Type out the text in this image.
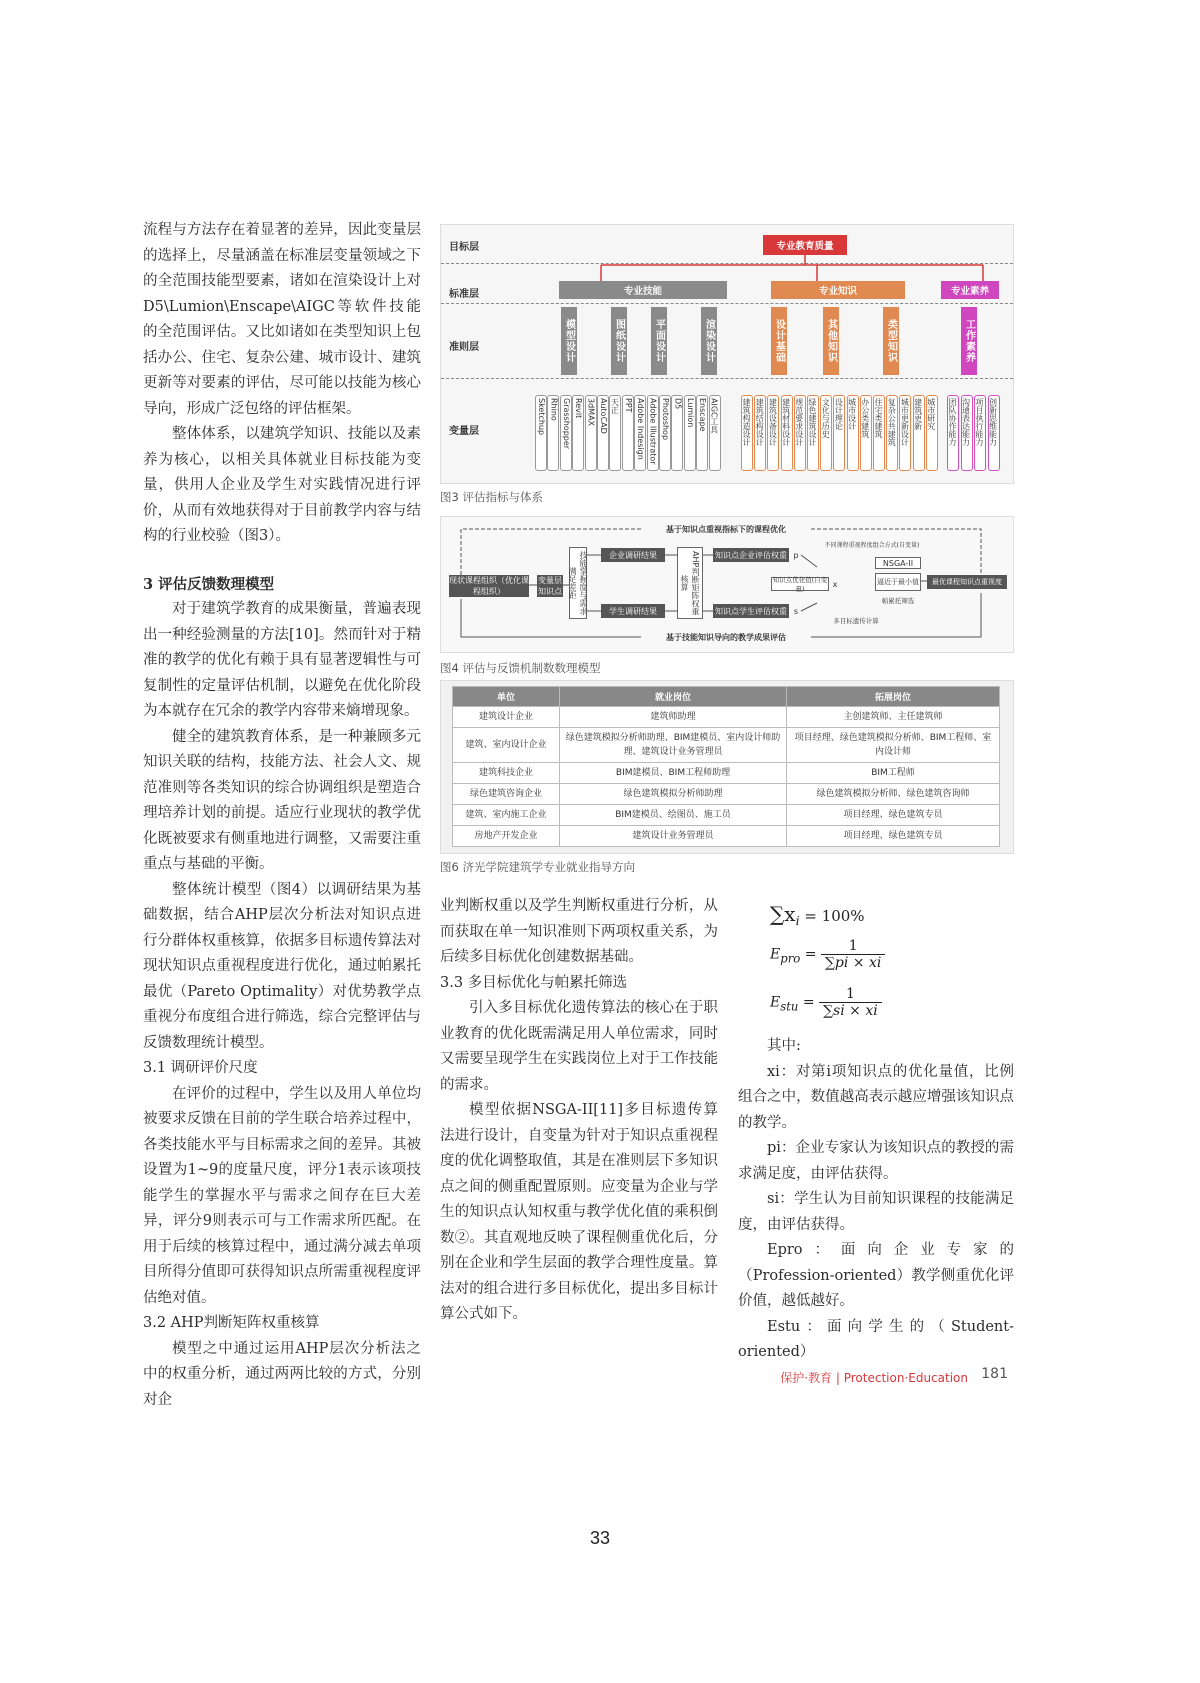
流程与方法存在着显著的差异，因此变量层的选择上，尽量涵盖在标准层变量领域之下的全范围技能型要素，诸如在渲染设计上对D5\Lumion\Enscape\AIGC等软件技能的全范围评估。又比如诸如在类型知识上包括办公、住宅、复杂公建、城市设计、建筑更新等对要素的评估，尽可能以技能为核心导向，形成广泛包络的评估框架。

整体体系，以建筑学知识、技能以及素养为核心，以相关具体就业目标技能为变量，供用人企业及学生对实践情况进行评价，从而有效地获得对于目前教学内容与结构的行业校验（图3）。

3 评估反馈数理模型

对于建筑学教育的成果衡量，普遍表现出一种经验测量的方法[10]。然而针对于精准的教学的优化有赖于具有显著逻辑性与可复制性的定量评估机制，以避免在优化阶段为本就存在冗余的教学内容带来熵增现象。

健全的建筑教育体系，是一种兼顾多元知识关联的结构，技能方法、社会人文、规范准则等各类知识的综合协调组织是塑造合理培养计划的前提。适应行业现状的教学优化既被要求有侧重地进行调整，又需要注重重点与基础的平衡。

整体统计模型（图4）以调研结果为基础数据，结合AHP层次分析法对知识点进行分群体权重核算，依据多目标遗传算法对现状知识点重视程度进行优化，通过帕累托最优（Pareto Optimality）对优势教学点重视分布度组合进行筛选，综合完整评估与反馈数理统计模型。

3.1 调研评价尺度

在评价的过程中，学生以及用人单位均被要求反馈在目前的学生联合培养过程中，各类技能水平与目标需求之间的差异。其被设置为1~9的度量尺度，评分1表示该项技能学生的掌握水平与需求之间存在巨大差异，评分9则表示可与工作需求所匹配。在用于后续的核算过程中，通过满分减去单项目所得分值即可获得知识点所需重视程度评估绝对值。

3.2 AHP判断矩阵权重核算

模型之中通过运用AHP层次分析法之中的权重分析，通过两两比较的方式，分别对企

目标层
标准层
准则层
变量层
专业教育质量
专业技能	专业知识	专业素养
模型设计	图纸设计	平面设计	渲染设计	设计基础	其他知识	类型知识	工作素养
Sketchup Rhino Grasshopper Revit 3dMAX AutoCAD 天正 PPT Adobe Indesign Adobe Illustrator Photoshop D5 Lumion Enscape AIGC工具	建筑构造设计 建筑结构设计 建筑设备设计 建筑材料设计 规范要求设计 绿色建筑设计 文化与历史 设计理论 城市设计 办公类建筑 住宅类建筑 复杂公共建筑 城市更新设计 建筑更新 城市研究 团队协作能力 沟通表达能力 项目执行能力 创新思维能力
图3 评估指标与体系
基于知识点重视指标下的课程优化
基于技能知识导向的教学成果评估
现状课程组织（优化课程组织）
变量层知识点	技能掌握度与需求满足差距
企业调研结果
学生调研结果	AHP判断矩阵权重核算
知识点企业评估权重
知识点学生评估权重
p
s
知识点优化值(自变量)
x
不同课程重视程度组合方式(自变量)
NSGA-II
逼近于最小值
帕累托筛选
多目标遗传计算
最优课程知识点重视度
图4 评估与反馈机制数数理模型
单位	就业岗位	拓展岗位
建筑设计企业	建筑师助理	主创建筑师、主任建筑师
建筑、室内设计企业	绿色建筑模拟分析师助理、BIM建模员、室内设计师助理、建筑设计业务管理员	项目经理、绿色建筑模拟分析师、BIM工程师、室内设计师
建筑科技企业	BIM建模员、BIM工程师助理	BIM工程师
绿色建筑咨询企业	绿色建筑模拟分析师助理	绿色建筑模拟分析师、绿色建筑咨询师
建筑、室内施工企业	BIM建模员、绘图员、施工员	项目经理、绿色建筑专员
房地产开发企业	建筑设计业务管理员	项目经理、绿色建筑专员
图6 济光学院建筑学专业就业指导方向

业判断权重以及学生判断权重进行分析，从而获取在单一知识准则下两项权重关系，为后续多目标优化创建数据基础。

3.3 多目标优化与帕累托筛选

引入多目标优化遗传算法的核心在于职业教育的优化既需满足用人单位需求，同时又需要呈现学生在实践岗位上对于工作技能的需求。

模型依据NSGA-II[11]多目标遗传算法进行设计，自变量为针对于知识点重视程度的优化调整取值，其是在准则层下多知识点之间的侧重配置原则。应变量为企业与学生的知识点认知权重与教学优化值的乘积倒数②。其直观地反映了课程侧重优化后，分别在企业和学生层面的教学合理性度量。算法对的组合进行多目标优化，提出多目标计算公式如下。

$\sum x_i = 100\%$
$E_{pro} = \frac{1}{\sum pi \times xi}$
$E_{stu} = \frac{1}{\sum si \times xi}$

其中:

xi：对第i项知识点的优化量值，比例组合之中，数值越高表示越应增强该知识点的教学。

pi：企业专家认为该知识点的教授的需求满足度，由评估获得。

si：学生认为目前知识课程的技能满足度，由评估获得。

Epro：面向企业专家的（Profession-oriented）教学侧重优化评价值，越低越好。

Estu：面向学生的（Student- oriented）

保护·教育 | Protection·Education 181
33
